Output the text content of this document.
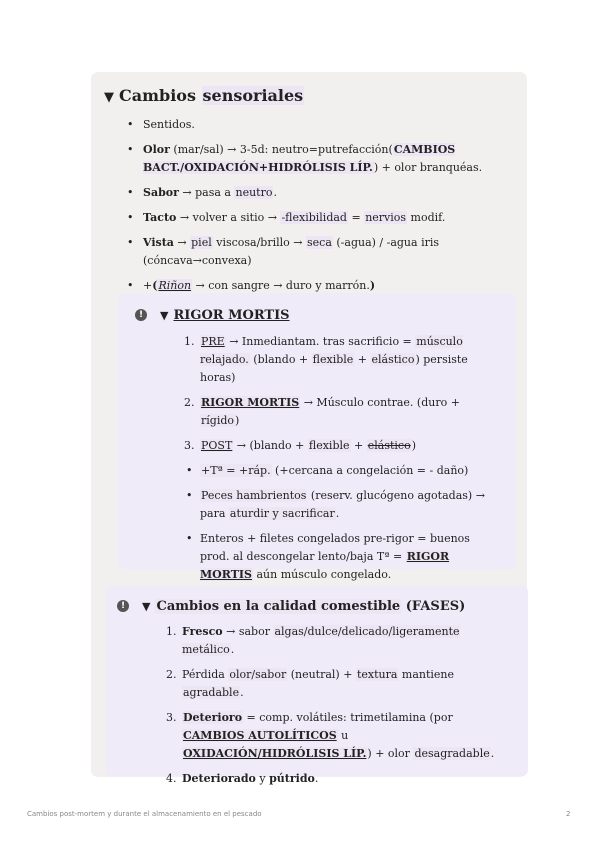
▼ Cambios sensoriales
• Sentidos.
• Olor (mar/sal) → 3-5d: neutro=putrefacción(CAMBIOS BACT./OXIDACIÓN+HIDRÓLISIS LÍP.) + olor branquéas.
• Sabor → pasa a neutro.
• Tacto → volver a sitio → -flexibilidad = nervios modif.
• Vista → piel viscosa/brillo → seca (-agua) / -agua iris (cóncava→convexa)
• +(Riñon → con sangre → duro y marrón.)
!	▼ RIGOR MORTIS
1. PRE → Inmediantam. tras sacrificio = músculo relajado. (blando + flexible + elástico) persiste horas)
2. RIGOR MORTIS → Músculo contrae. (duro + rígido)
3. POST → (blando + flexible + elástico)
• +Tª = +ráp. (+cercana a congelación = - daño)
• Peces hambrientos (reserv. glucógeno agotadas) → para aturdir y sacrificar.
• Enteros + filetes congelados pre-rigor = buenos prod. al descongelar lento/baja Tª = RIGOR MORTIS aún músculo congelado.
!	▼ Cambios en la calidad comestible (FASES)
1. Fresco → sabor algas/dulce/delicado/ligeramente metálico.
2. Pérdida olor/sabor (neutral) + textura mantiene agradable.
3. Deterioro = comp. volátiles: trimetilamina (por CAMBIOS AUTOLÍTICOS u OXIDACIÓN/HIDRÓLISIS LÍP.) + olor desagradable.
4. Deteriorado y pútrido.
Cambios post-mortem y durante el almacenamiento en el pescado	2
